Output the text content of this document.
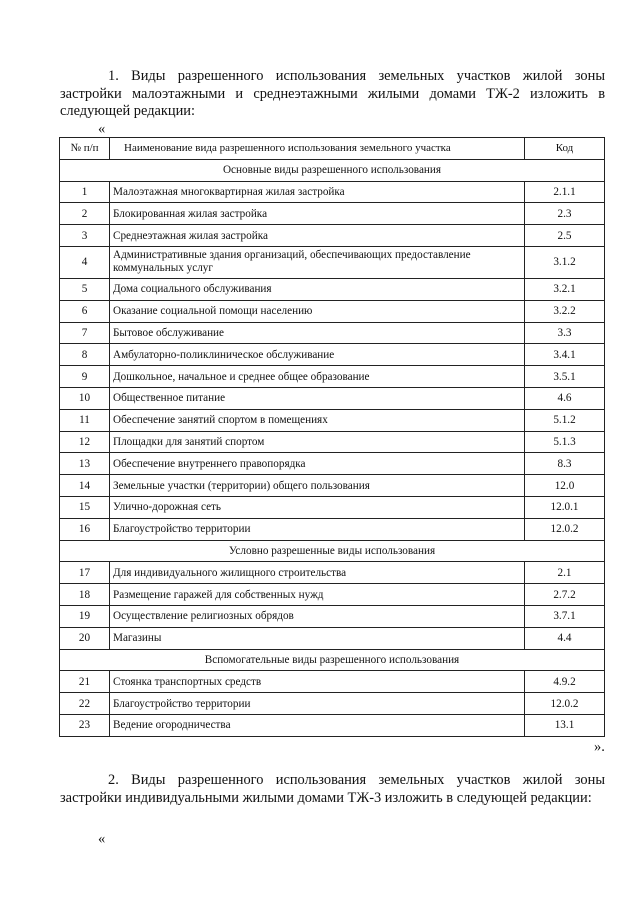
1. Виды разрешенного использования земельных участков жилой зоны застройки малоэтажными и среднеэтажными жилыми домами ТЖ-2 изложить в следующей редакции:

«
№ п/п	Наименование вида разрешенного использования земельного участка	Код
Основные виды разрешенного использования		
1	Малоэтажная многоквартирная жилая застройка	2.1.1
2	Блокированная жилая застройка	2.3
3	Среднеэтажная жилая застройка	2.5
4	Административные здания организаций, обеспечивающих предоставление коммунальных услуг	3.1.2
5	Дома социального обслуживания	3.2.1
6	Оказание социальной помощи населению	3.2.2
7	Бытовое обслуживание	3.3
8	Амбулаторно-поликлиническое обслуживание	3.4.1
9	Дошкольное, начальное и среднее общее образование	3.5.1
10	Общественное питание	4.6
11	Обеспечение занятий спортом в помещениях	5.1.2
12	Площадки для занятий спортом	5.1.3
13	Обеспечение внутреннего правопорядка	8.3
14	Земельные участки (территории) общего пользования	12.0
15	Улично-дорожная сеть	12.0.1
16	Благоустройство территории	12.0.2
Условно разрешенные виды использования		
17	Для индивидуального жилищного строительства	2.1
18	Размещение гаражей для собственных нужд	2.7.2
19	Осуществление религиозных обрядов	3.7.1
20	Магазины	4.4
Вспомогательные виды разрешенного использования		
21	Стоянка транспортных средств	4.9.2
22	Благоустройство территории	12.0.2
23	Ведение огородничества	13.1
».

2. Виды разрешенного использования земельных участков жилой зоны застройки индивидуальными жилыми домами ТЖ-3 изложить в следующей редакции:

«
